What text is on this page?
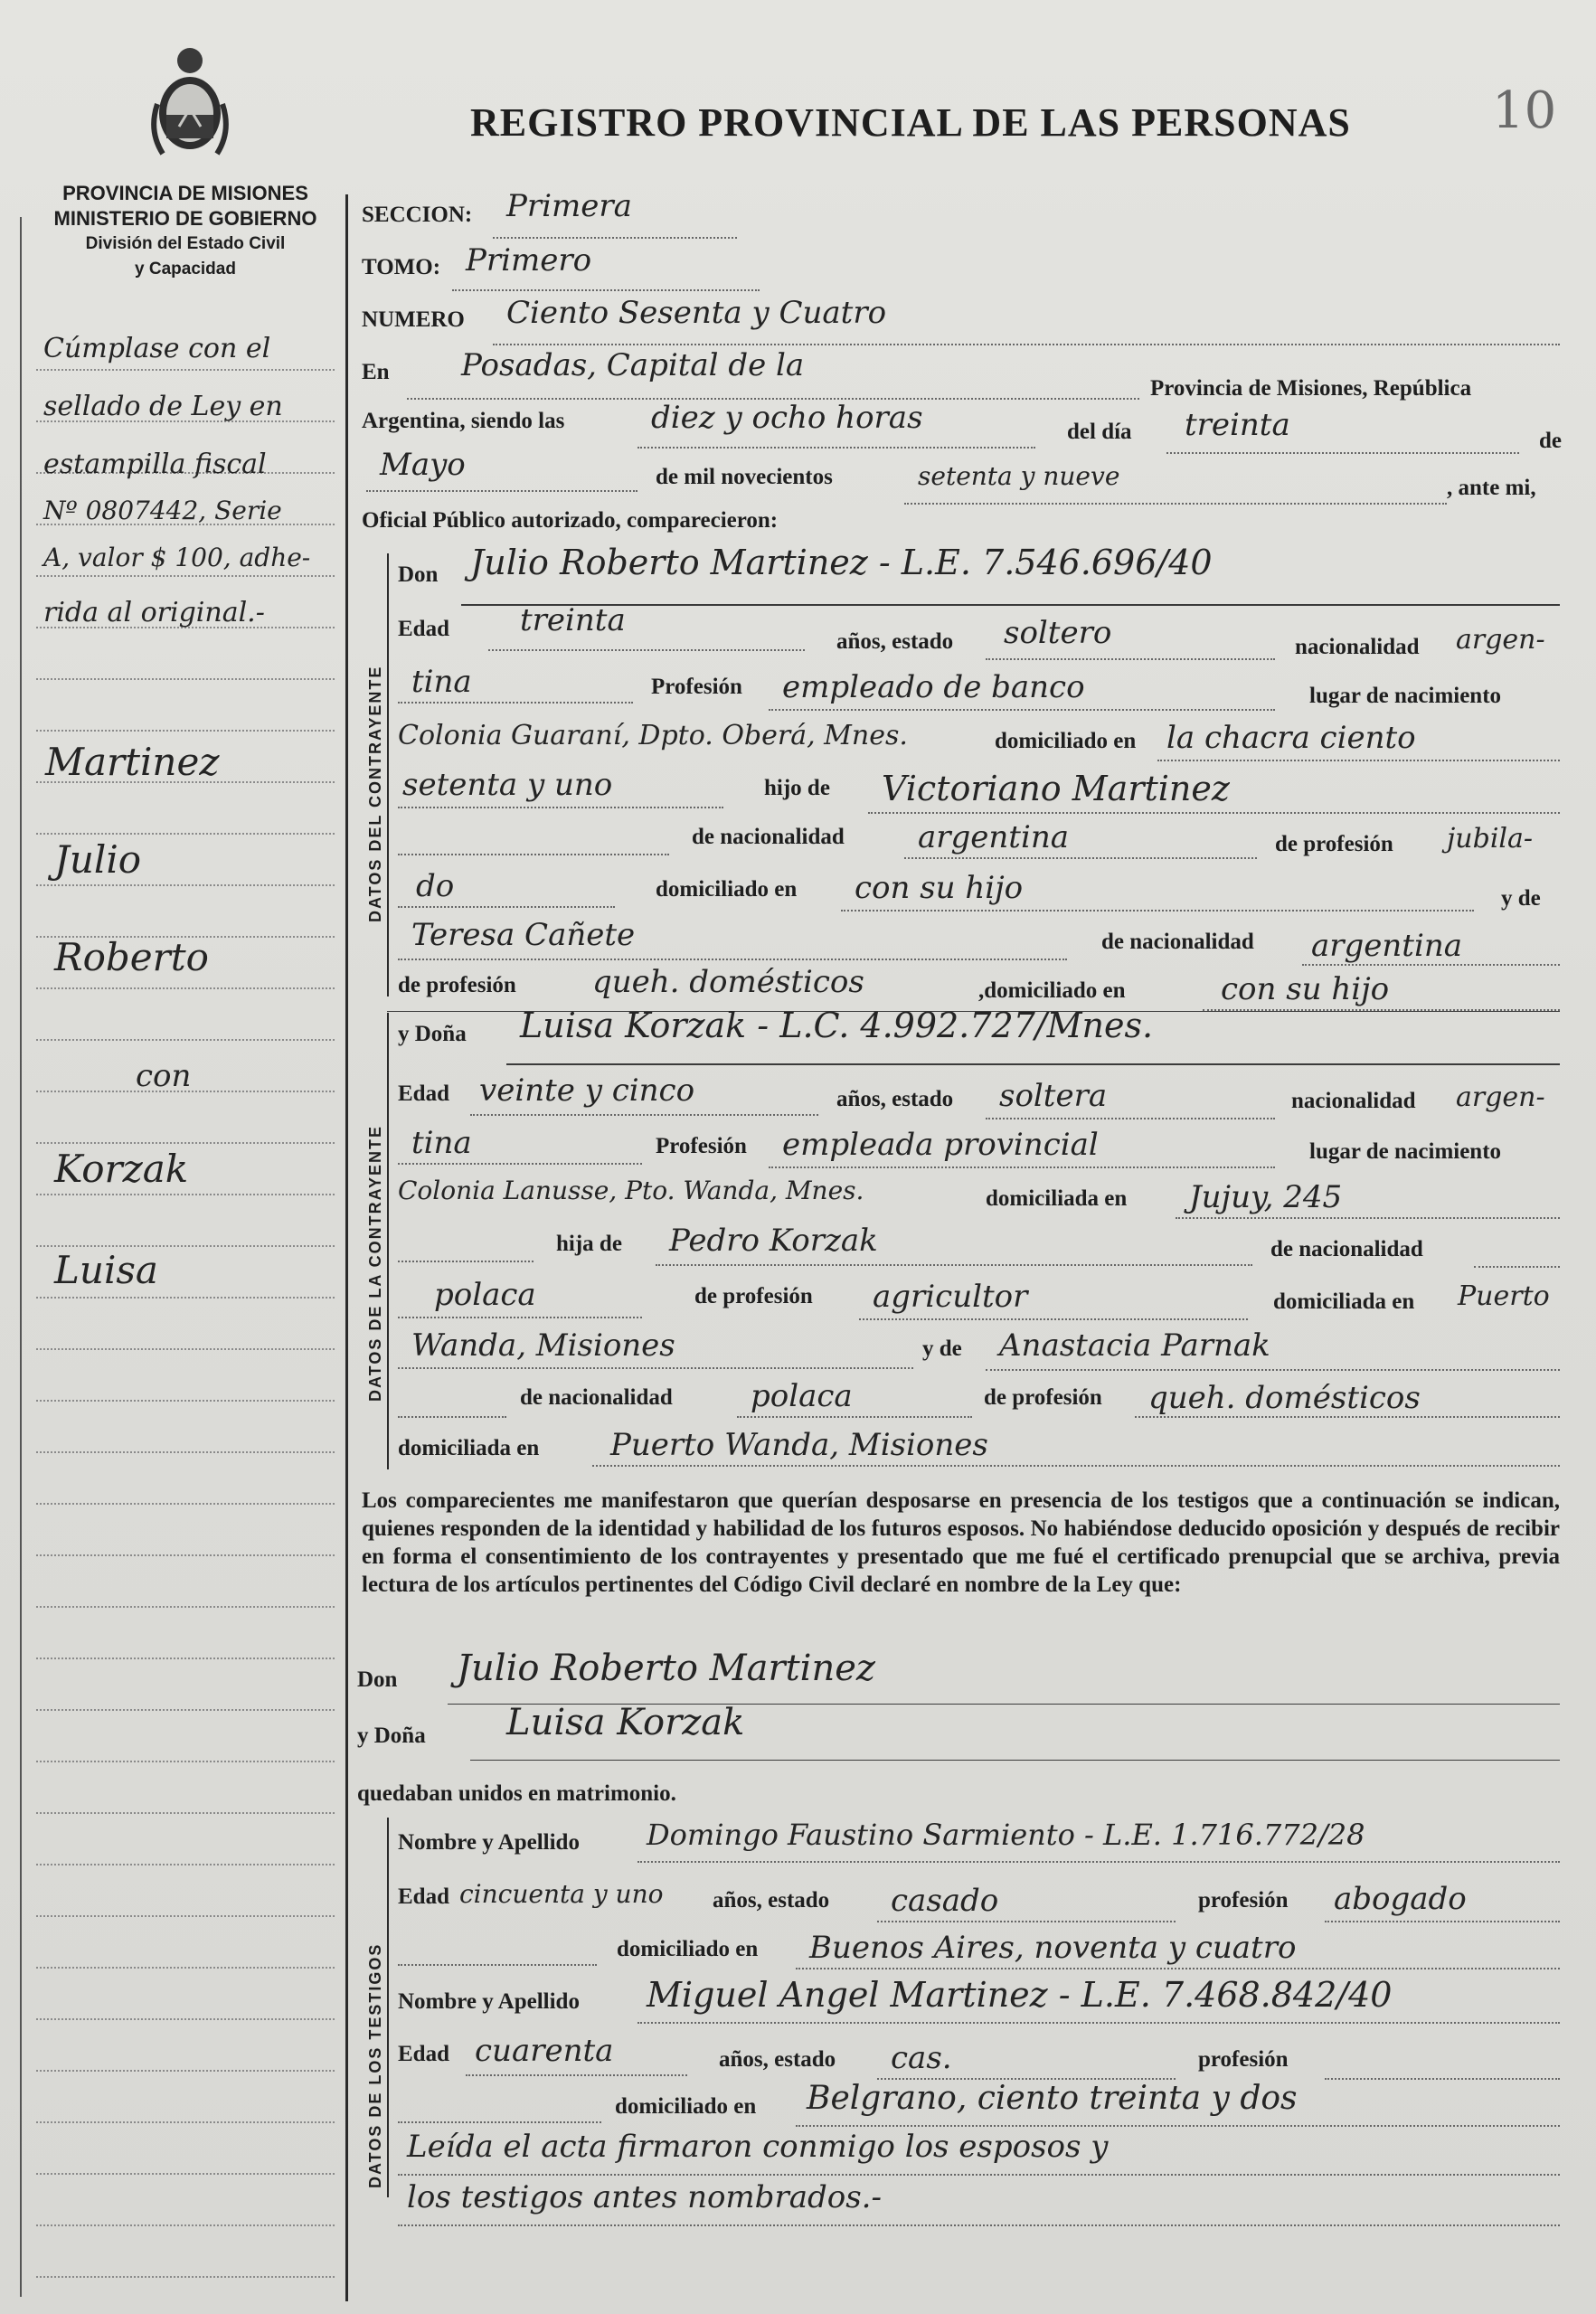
PROVINCIA DE MISIONES
MINISTERIO DE GOBIERNO
División del Estado Civil
y Capacidad
REGISTRO PROVINCIAL DE LAS PERSONAS	10
Cúmplase con el
sellado de Ley en
estampilla fiscal
Nº 0807442, Serie
A, valor $ 100, adhe-
rida al original.-
Martinez
Julio
Roberto
con
Korzak
Luisa
SECCION: Primera
TOMO: Primero
NUMERO Ciento Sesenta y Cuatro
En Posadas, Capital de la
Provincia de Misiones, República
Argentina, siendo las	diez y ocho horas	del día treinta	de
Mayo	de mil novecientos	setenta y nueve	, ante mi,
Oficial Público autorizado, comparecieron:
DATOS DEL CONTRAYENTE
Don Julio Roberto Martinez - L.E. 7.546.696/40
Edad treinta
años, estado soltero	nacionalidad argen-
tina	Profesión empleado de banco	lugar de nacimiento
Colonia Guaraní, Dpto. Oberá, Mnes.	domiciliado en la chacra ciento
setenta y uno	hijo de Victoriano Martinez
de nacionalidad argentina	de profesión jubila-
do	domiciliado en con su hijo	y de
Teresa Cañete	de nacionalidad argentina
de profesión queh. domésticos	,domiciliado en	con su hijo
DATOS DE LA CONTRAYENTE
y Doña Luisa Korzak - L.C. 4.992.727/Mnes.
Edad veinte y cinco	años, estado soltera	nacionalidad argen-
tina	Profesión empleada provincial	lugar de nacimiento
Colonia Lanusse, Pto. Wanda, Mnes.	domiciliada en Jujuy, 245
hija de Pedro Korzak	de nacionalidad
polaca	de profesión agricultor	domiciliada en Puerto
Wanda, Misiones	y de Anastacia Parnak
de nacionalidad	polaca	de profesión queh. domésticos
domiciliada en Puerto Wanda, Misiones
Los comparecientes me manifestaron que querían desposarse en presencia de los testigos que a continuación se indican, quienes responden de la identidad y habilidad de los futuros esposos. No habiéndose deducido oposición y después de recibir en forma el consentimiento de los contrayentes y presentado que me fué el certificado prenupcial que se archiva, previa lectura de los artículos pertinentes del Código Civil declaré en nombre de la Ley que:
Don Julio Roberto Martinez
y Doña Luisa Korzak
quedaban unidos en matrimonio.
DATOS DE LOS TESTIGOS
Nombre y Apellido Domingo Faustino Sarmiento - L.E. 1.716.772/28
Edad cincuenta y uno años, estado casado	profesión abogado
domiciliado en Buenos Aires, noventa y cuatro
Nombre y Apellido Miguel Angel Martinez - L.E. 7.468.842/40
Edad cuarenta	años, estado cas.	profesión
domiciliado en Belgrano, ciento treinta y dos
Leída el acta firmaron conmigo los esposos y
los testigos antes nombrados.-
